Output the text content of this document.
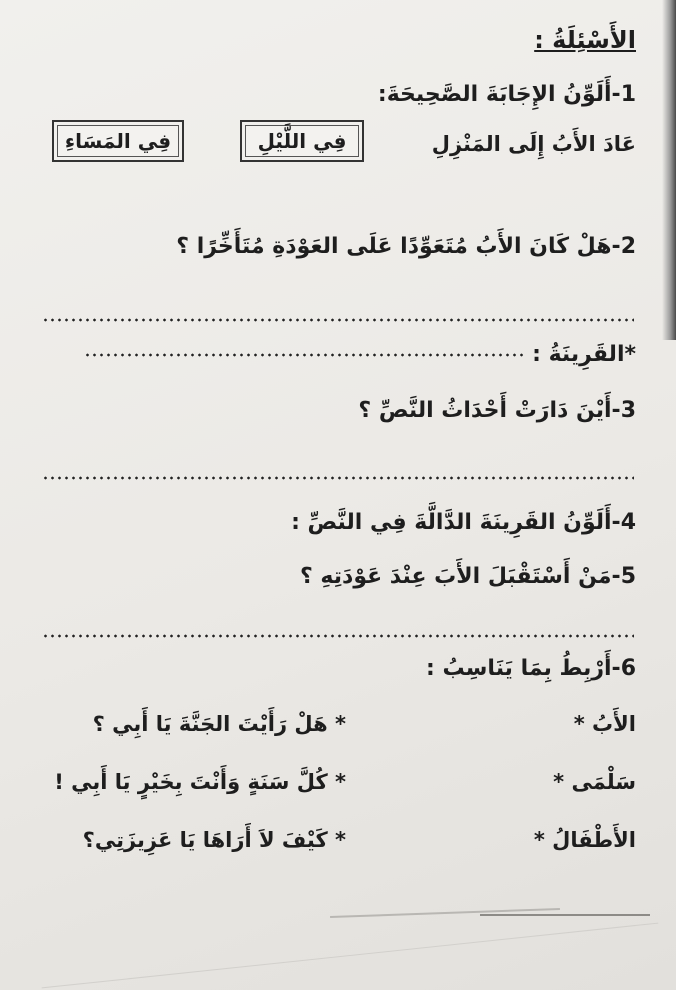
الأَسْئِلَةُ :
1-أَلَوِّنُ الإِجَابَةَ الصَّحِيحَةَ:
عَادَ الأَبُ إِلَى المَنْزِلِ
فِي اللَّيْلِ
فِي المَسَاءِ
2-هَلْ كَانَ الأَبُ مُتَعَوِّدًا عَلَى العَوْدَةِ مُتَأَخِّرًا ؟
*القَرِينَةُ :
3-أَيْنَ دَارَتْ أَحْدَاثُ النَّصِّ ؟
4-أَلَوِّنُ القَرِينَةَ الدَّالَّةَ فِي النَّصِّ :
5-مَنْ أَسْتَقْبَلَ الأَبَ عِنْدَ عَوْدَتِهِ ؟
6-أَرْبِطُ بِمَا يَنَاسِبُ :
الأَبُ *
* هَلْ رَأَيْتَ الجَنَّةَ يَا أَبِي ؟
سَلْمَى *
* كُلَّ سَنَةٍ وَأَنْتَ بِخَيْرٍ يَا أَبِي !
الأَطْفَالُ *
* كَيْفَ لاَ أَرَاهَا يَا عَزِيزَتِي؟
